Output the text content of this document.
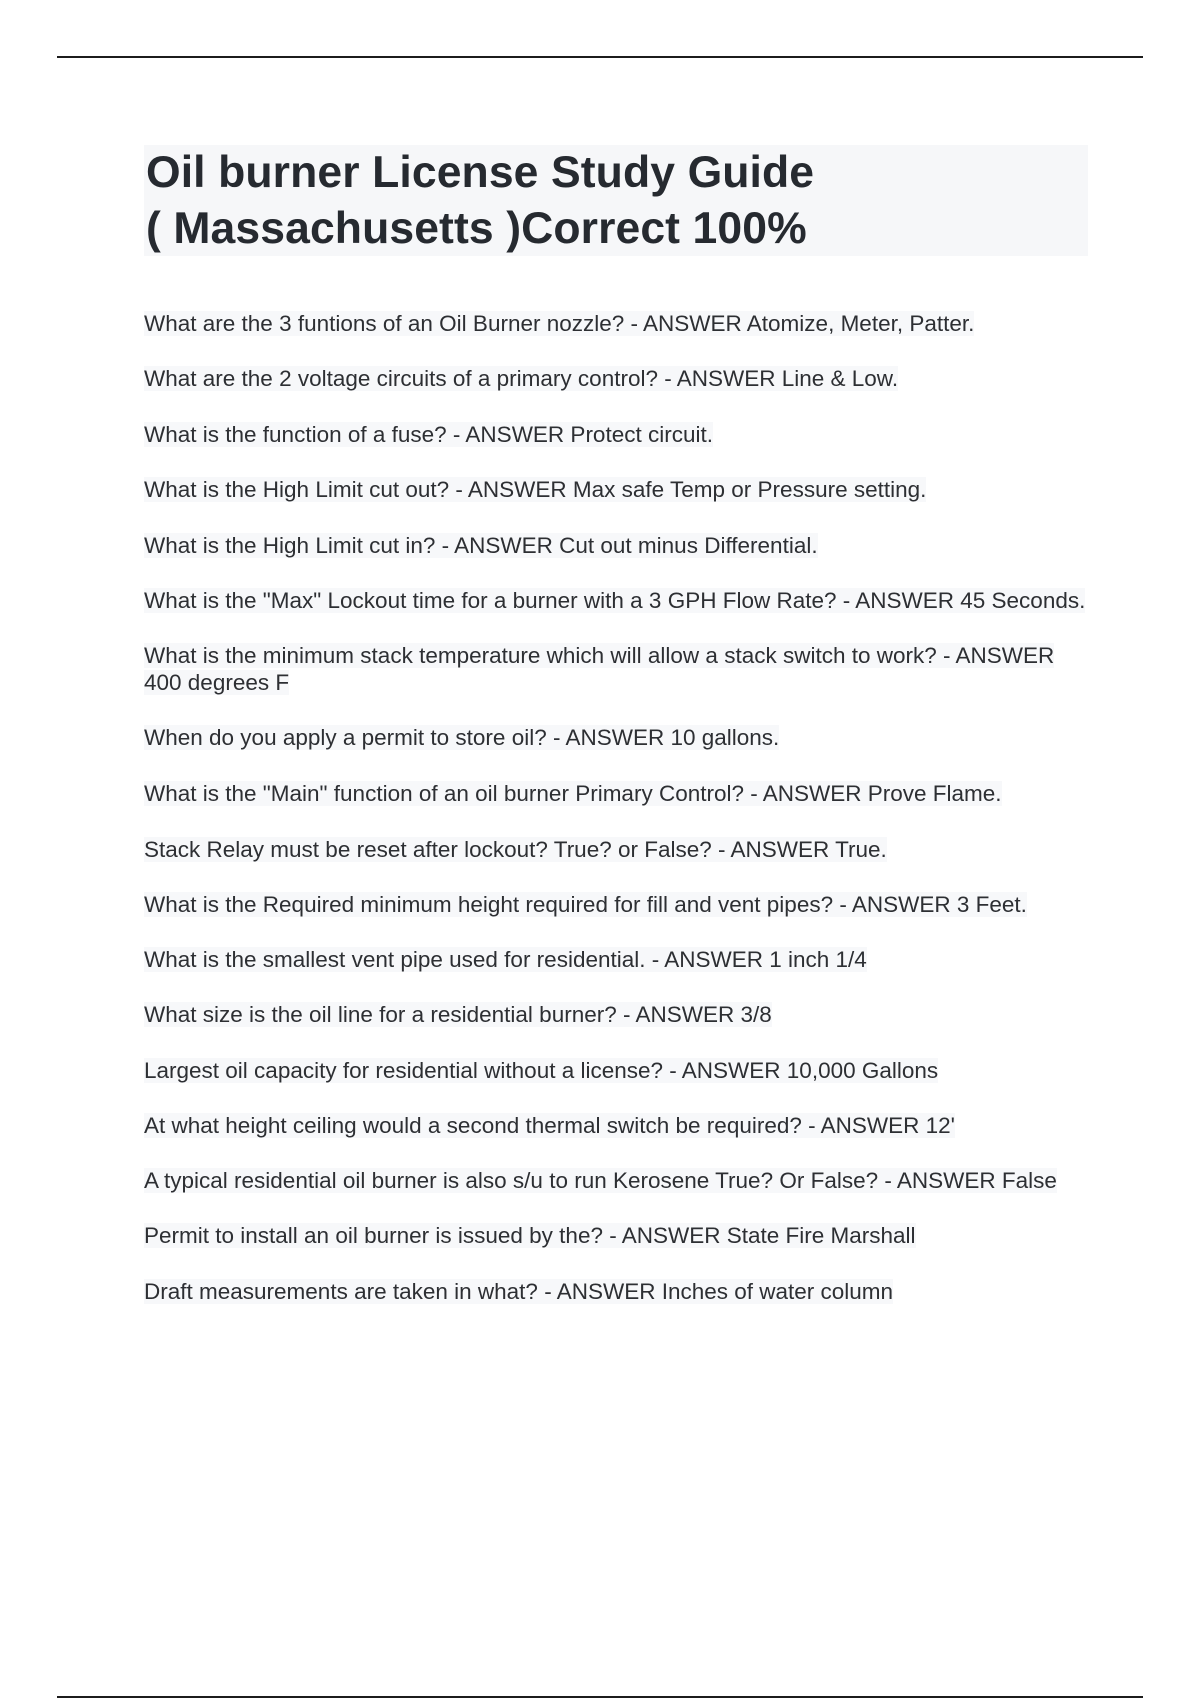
Oil burner License Study Guide
( Massachusetts )Correct 100%
What are the 3 funtions of an Oil Burner nozzle? - ANSWER Atomize, Meter, Patter.
What are the 2 voltage circuits of a primary control? - ANSWER Line & Low.
What is the function of a fuse? - ANSWER Protect circuit.
What is the High Limit cut out? - ANSWER Max safe Temp or Pressure setting.
What is the High Limit cut in? - ANSWER Cut out minus Differential.
What is the "Max" Lockout time for a burner with a 3 GPH Flow Rate? - ANSWER 45 Seconds.
What is the minimum stack temperature which will allow a stack switch to work? - ANSWER 400 degrees F
When do you apply a permit to store oil? - ANSWER 10 gallons.
What is the "Main" function of an oil burner Primary Control? - ANSWER Prove Flame.
Stack Relay must be reset after lockout? True? or False? - ANSWER True.
What is the Required minimum height required for fill and vent pipes? - ANSWER 3 Feet.
What is the smallest vent pipe used for residential. - ANSWER 1 inch 1/4
What size is the oil line for a residential burner? - ANSWER 3/8
Largest oil capacity for residential without a license? - ANSWER 10,000 Gallons
At what height ceiling would a second thermal switch be required? - ANSWER 12'
A typical residential oil burner is also s/u to run Kerosene True? Or False? - ANSWER False
Permit to install an oil burner is issued by the? - ANSWER State Fire Marshall
Draft measurements are taken in what? - ANSWER Inches of water column
